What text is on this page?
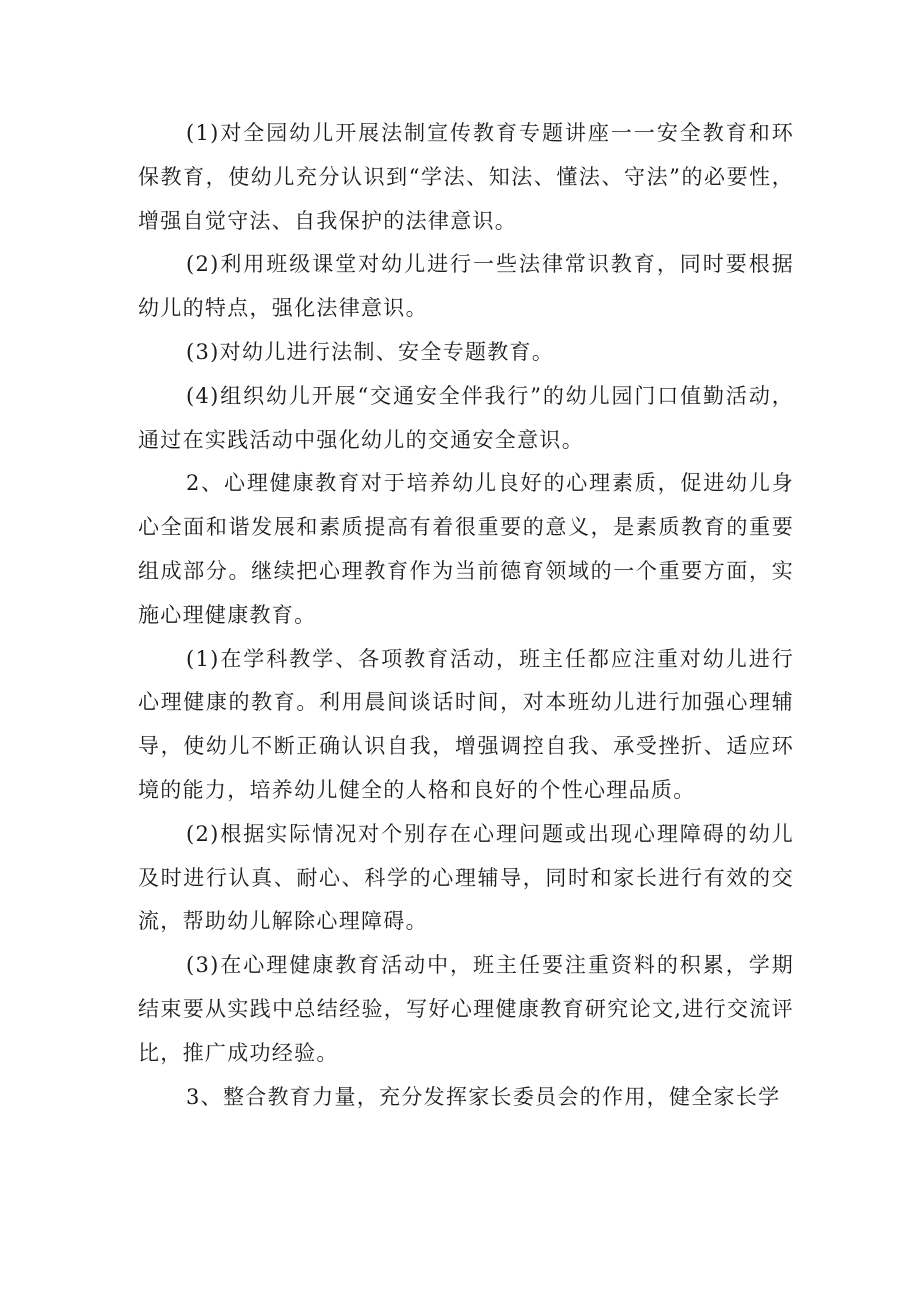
(1)对全园幼儿开展法制宣传教育专题讲座一一安全教育和环保教育，使幼儿充分认识到“学法、知法、懂法、守法”的必要性，增强自觉守法、自我保护的法律意识。

(2)利用班级课堂对幼儿进行一些法律常识教育，同时要根据幼儿的特点，强化法律意识。

(3)对幼儿进行法制、安全专题教育。

(4)组织幼儿开展“交通安全伴我行”的幼儿园门口值勤活动，通过在实践活动中强化幼儿的交通安全意识。

2、心理健康教育对于培养幼儿良好的心理素质，促进幼儿身心全面和谐发展和素质提高有着很重要的意义，是素质教育的重要组成部分。继续把心理教育作为当前德育领域的一个重要方面，实施心理健康教育。

(1)在学科教学、各项教育活动，班主任都应注重对幼儿进行心理健康的教育。利用晨间谈话时间，对本班幼儿进行加强心理辅导，使幼儿不断正确认识自我，增强调控自我、承受挫折、适应环境的能力，培养幼儿健全的人格和良好的个性心理品质。

(2)根据实际情况对个别存在心理问题或出现心理障碍的幼儿及时进行认真、耐心、科学的心理辅导，同时和家长进行有效的交流，帮助幼儿解除心理障碍。

(3)在心理健康教育活动中，班主任要注重资料的积累，学期结束要从实践中总结经验，写好心理健康教育研究论文,进行交流评比，推广成功经验。

3、整合教育力量，充分发挥家长委员会的作用，健全家长学
